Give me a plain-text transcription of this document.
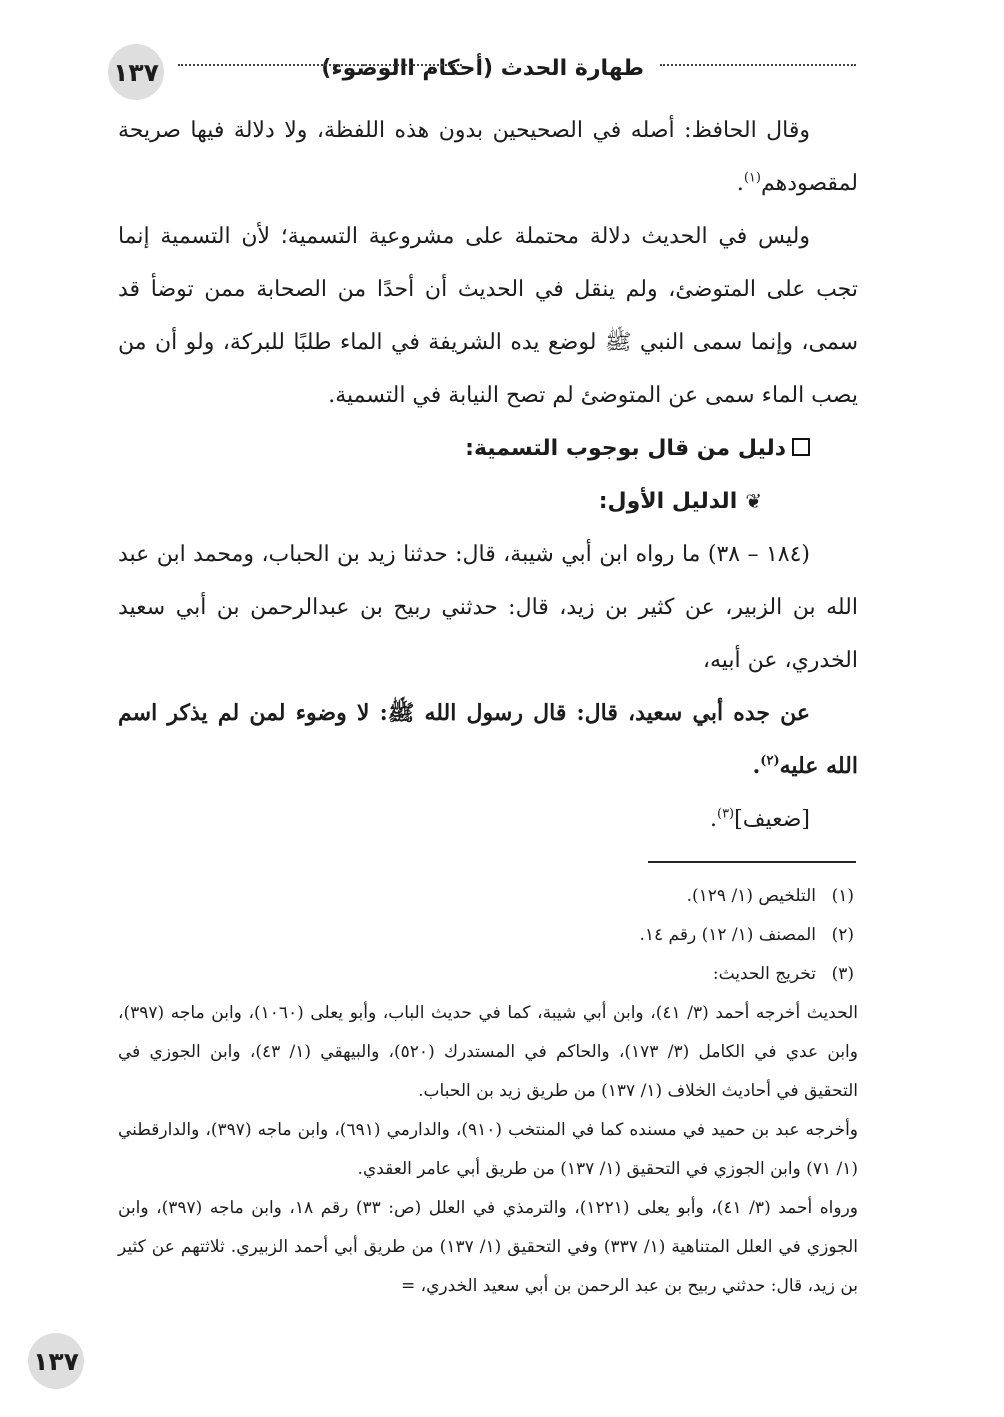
طهارة الحدث (أحكام االوضوء)
١٣٧

وقال الحافظ: أصله في الصحيحين بدون هذه اللفظة، ولا دلالة فيها صريحة لمقصودهم$^{(١)}$.

وليس في الحديث دلالة محتملة على مشروعية التسمية؛ لأن التسمية إنما تجب على المتوضئ، ولم ينقل في الحديث أن أحدًا من الصحابة ممن توضأ قد سمى، وإنما سمى النبي ﷺ لوضع يده الشريفة في الماء طلبًا للبركة، ولو أن من يصب الماء سمى عن المتوضئ لم تصح النيابة في التسمية.

دليل من قال بوجوب التسمية:

❦الدليل الأول:

(١٨٤ – ٣٨) ما رواه ابن أبي شيبة، قال: حدثنا زيد بن الحباب، ومحمد ابن عبد الله بن الزبير، عن كثير بن زيد، قال: حدثني ربيح بن عبدالرحمن بن أبي سعيد الخدري، عن أبيه،

عن جده أبي سعيد، قال: قال رسول الله ﷺ: لا وضوء لمن لم يذكر اسم الله عليه$^{(٢)}$.

[ضعيف]$^{(٣)}$.

(١)التلخيص (١/ ١٢٩).

(٢)المصنف (١/ ١٢) رقم ١٤.

(٣)تخريج الحديث:

الحديث أخرجه أحمد (٣/ ٤١)، وابن أبي شيبة، كما في حديث الباب، وأبو يعلى (١٠٦٠)، وابن ماجه (٣٩٧)، وابن عدي في الكامل (٣/ ١٧٣)، والحاكم في المستدرك (٥٢٠)، والبيهقي (١/ ٤٣)، وابن الجوزي في التحقيق في أحاديث الخلاف (١/ ١٣٧) من طريق زيد بن الحباب.

وأخرجه عبد بن حميد في مسنده كما في المنتخب (٩١٠)، والدارمي (٦٩١)، وابن ماجه (٣٩٧)، والدارقطني (١/ ٧١) وابن الجوزي في التحقيق (١/ ١٣٧) من طريق أبي عامر العقدي.

ورواه أحمد (٣/ ٤١)، وأبو يعلى (١٢٢١)، والترمذي في العلل (ص: ٣٣) رقم ١٨، وابن ماجه (٣٩٧)، وابن الجوزي في العلل المتناهية (١/ ٣٣٧) وفي التحقيق (١/ ١٣٧) من طريق أبي أحمد الزبيري. ثلاثتهم عن كثير بن زيد، قال: حدثني ربيح بن عبد الرحمن بن أبي سعيد الخدري، =

١٣٧
